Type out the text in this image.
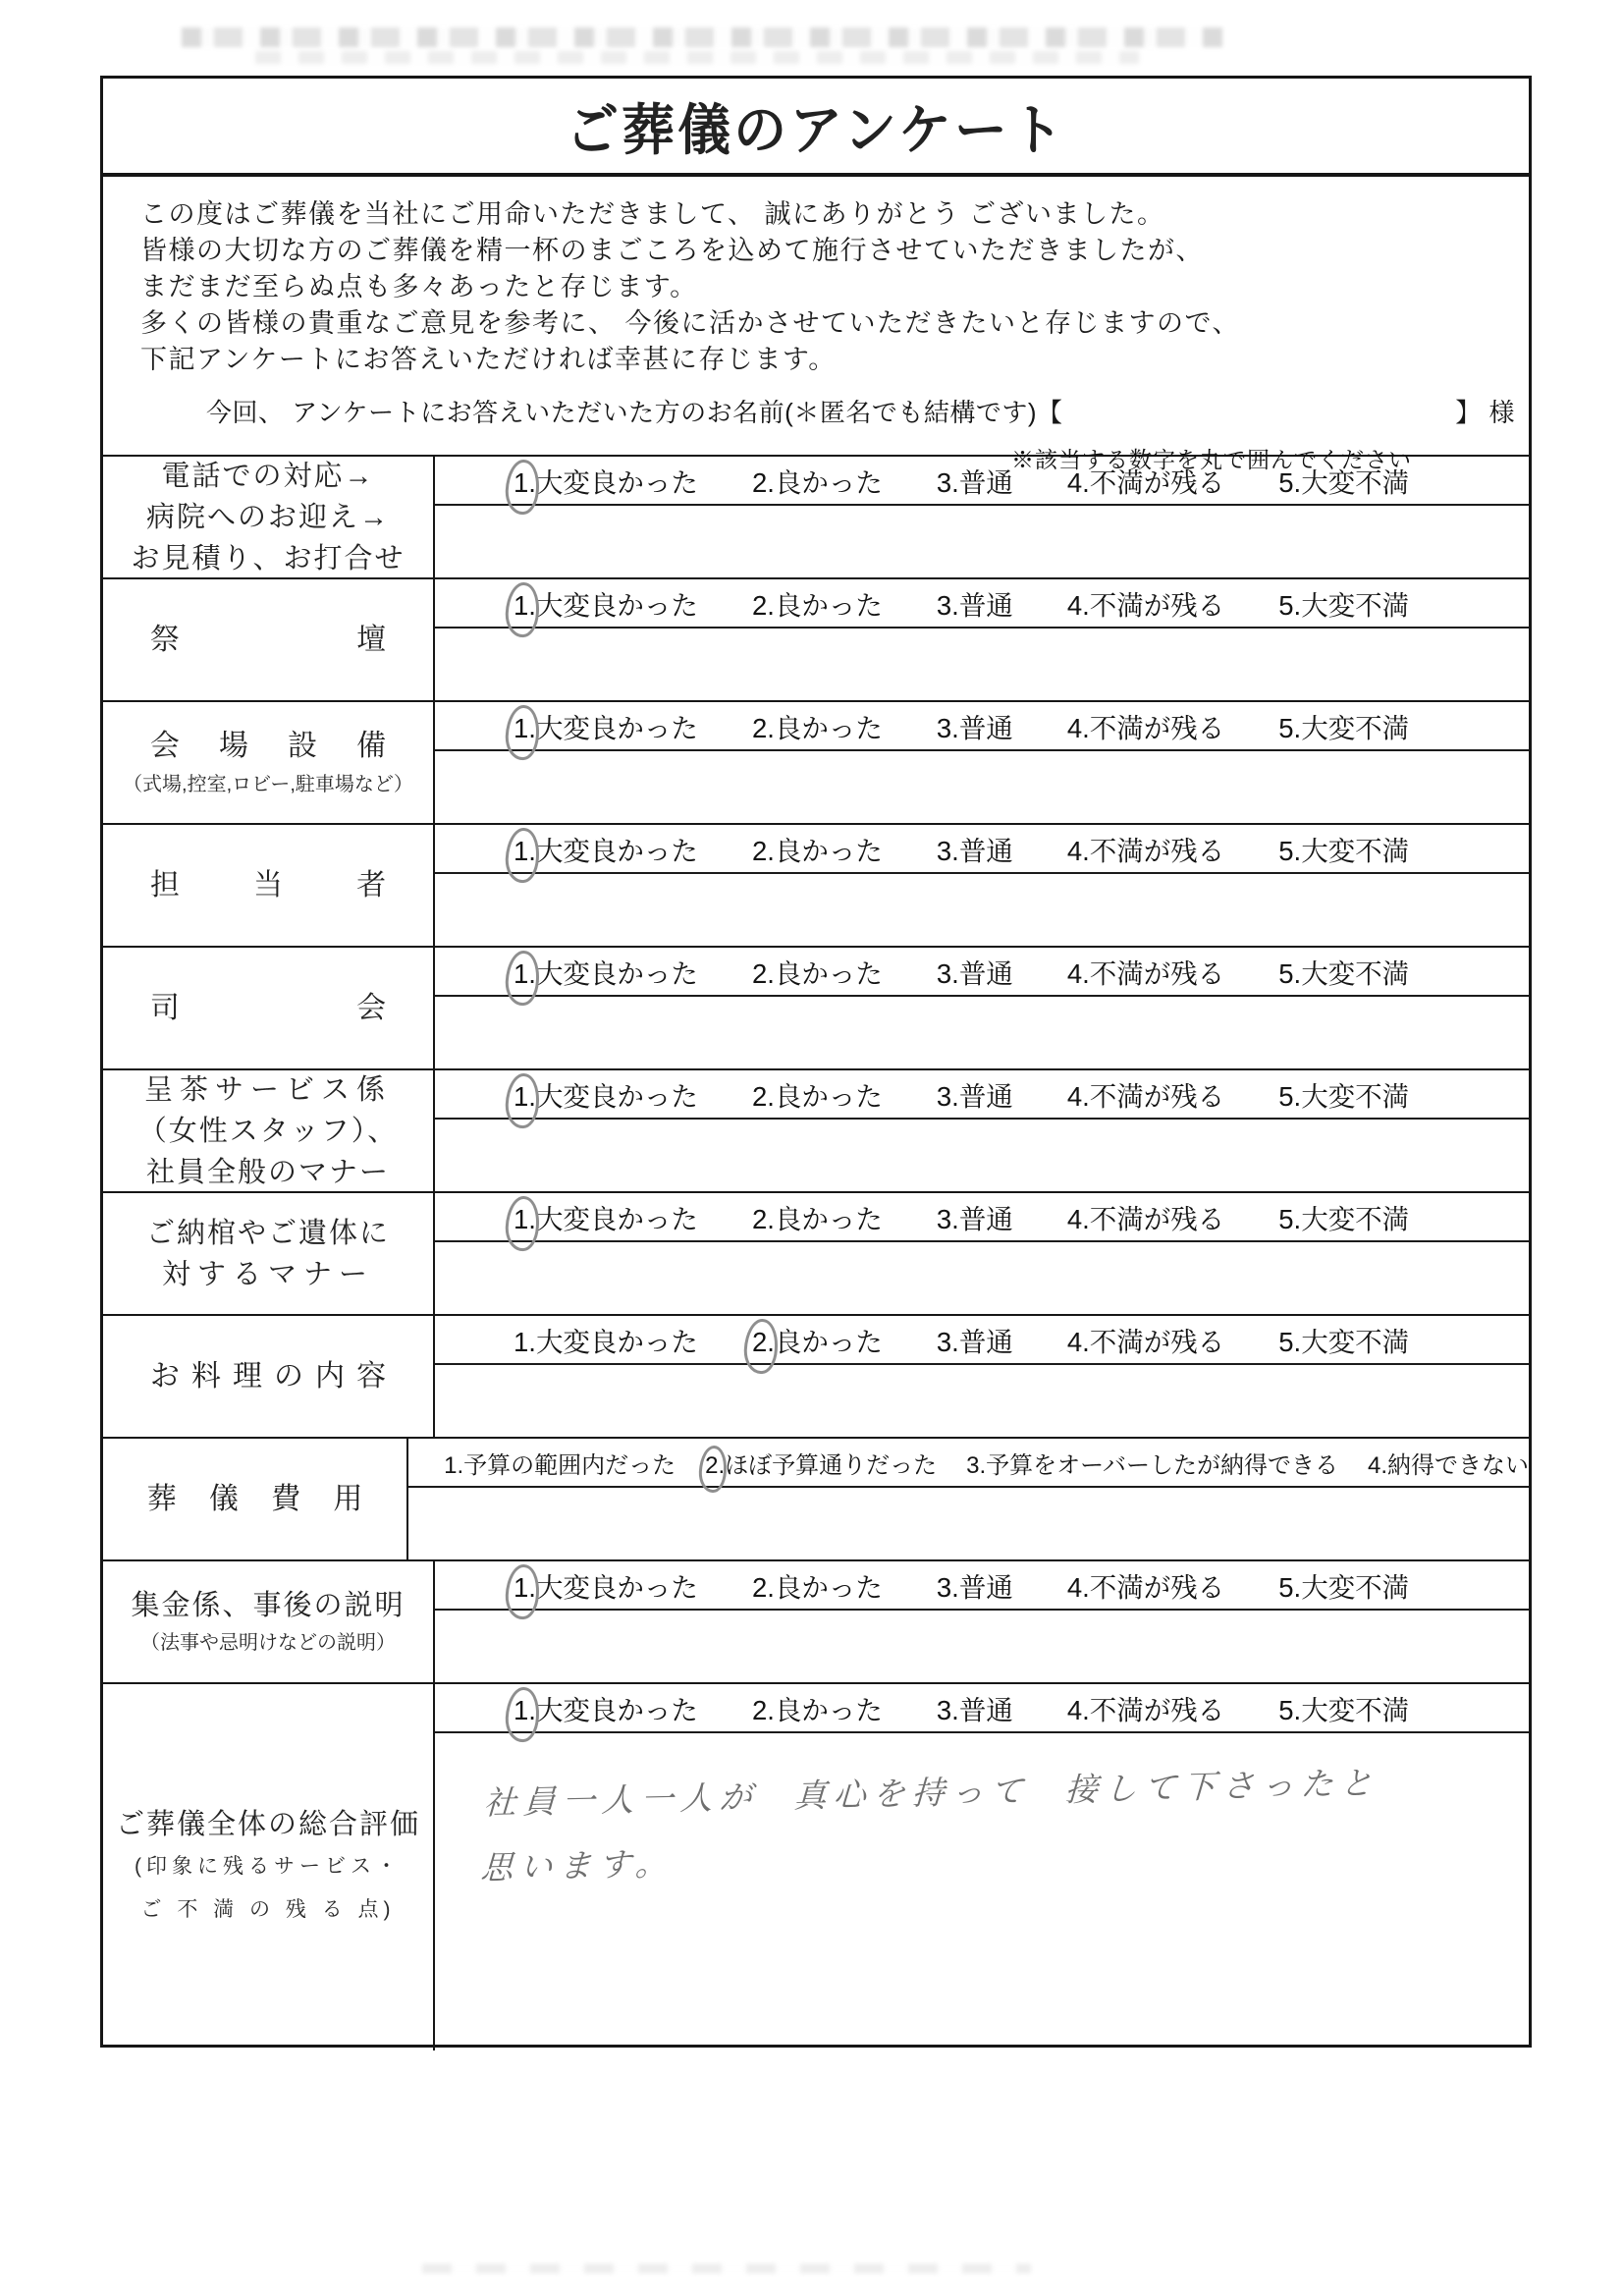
ご葬儀のアンケート
この度はご葬儀を当社にご用命いただきまして、 誠にありがとう ございました。
皆様の大切な方のご葬儀を精一杯のまごころを込めて施行させていただきましたが、
まだまだ至らぬ点も多々あったと存じます。
多くの皆様の貴重なご意見を参考に、 今後に活かさせていただきたいと存じますので、
下記アンケートにお答えいただければ幸甚に存じます。
※該当する数字を丸で囲んでください
今回、 アンケートにお答えいただいた方のお名前(＊匿名でも結構です)【	】 様
電話での対応→
病院へのお迎え→
お見積り、お打合せ
1. 大変良かった 2. 良かった 3. 普通 4. 不満が残る 5. 大変不満
祭	壇
1. 大変良かった 2. 良かった 3. 普通 4. 不満が残る 5. 大変不満
会 場 設 備
（式場,控室,ロビー,駐車場など）
1. 大変良かった 2. 良かった 3. 普通 4. 不満が残る 5. 大変不満
担	当	者
1. 大変良かった 2. 良かった 3. 普通 4. 不満が残る 5. 大変不満
司	会
1. 大変良かった 2. 良かった 3. 普通 4. 不満が残る 5. 大変不満
呈茶サービス係
（女性スタッフ）、
社員全般のマナー
1. 大変良かった 2. 良かった 3. 普通 4. 不満が残る 5. 大変不満
ご納棺やご遺体に
対するマナー
1. 大変良かった 2. 良かった 3. 普通 4. 不満が残る 5. 大変不満
お 料 理 の 内 容
1. 大変良かった 2. 良かった 3. 普通 4. 不満が残る 5. 大変不満
葬 儀 費 用
1. 予算の範囲内だった 2. ほぼ予算通りだった 3. 予算をオーバーしたが納得できる 4. 納得できない
集金係、事後の説明
（法事や忌明けなどの説明）
1. 大変良かった 2. 良かった 3. 普通 4. 不満が残る 5. 大変不満
ご葬儀全体の総合評価
(印象に残るサービス・
ご 不 満 の 残 る 点)
1. 大変良かった 2. 良かった 3. 普通 4. 不満が残る 5. 大変不満
社員一人一人が 真心を持って 接して下さったと
思います。
